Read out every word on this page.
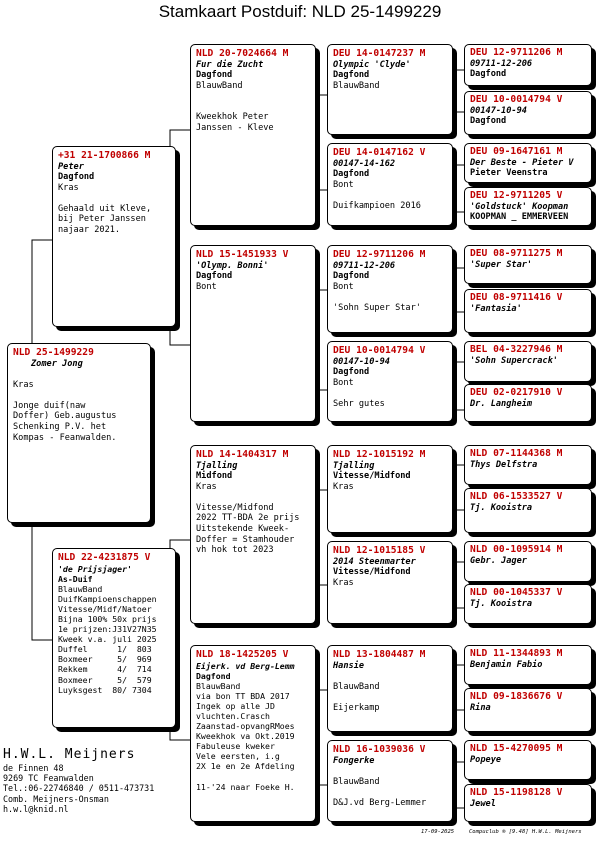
Stamkaart Postduif: NLD 25-1499229
NLD 25-1499229
Zomer Jong

Kras

Jonge duif(naw
Doffer) Geb.augustus
Schenking P.V. het
Kompas - Feanwalden.
+31 21-1700866 M
Peter
Dagfond
Kras

Gehaald uit Kleve,
bij Peter Janssen
najaar 2021.
NLD 22-4231875 V
'de Prijsjager'
As-Duif
BlauwBand
DuifKampioenschappen
Vitesse/Midf/Natoer
Bijna 100% 50x prijs
1e prijzen:J31V27N35
Kweek v.a. juli 2025
Duffel      1/  803
Boxmeer     5/  969
Rekkem      4/  714
Boxmeer     5/  579
Luyksgest  80/ 7304
NLD 20-7024664 M
Fur die Zucht
Dagfond
BlauwBand

Kweekhok Peter
Janssen - Kleve
NLD 15-1451933 V
'Olymp. Bonni'
Dagfond
Bont
NLD 14-1404317 M
Tjalling
Midfond
Kras

Vitesse/Midfond
2022 TT-BDA 2e prijs
Uitstekende Kweek-
Doffer = Stamhouder
vh hok tot 2023
NLD 18-1425205 V
Eijerk. vd Berg-Lemm
Dagfond
BlauwBand
via bon TT BDA 2017
Ingek op alle JD
vluchten.Crasch
Zaanstad-opvangRMoes
Kweekhok va Okt.2019
Fabuleuse kweker
Vele eersten, i.g
2X 1e en 2e Afdeling

11-'24 naar Foeke H.
DEU 14-0147237 M
Olympic 'Clyde'
Dagfond
BlauwBand
DEU 14-0147162 V
00147-14-162
Dagfond
Bont

Duifkampioen 2016
DEU 12-9711206 M
09711-12-206
Dagfond
Bont

'Sohn Super Star'
DEU 10-0014794 V
00147-10-94
Dagfond
Bont

Sehr gutes
NLD 12-1015192 M
Tjalling
Vitesse/Midfond
Kras
NLD 12-1015185 V
2014 Steenmarter
Vitesse/Midfond
Kras
NLD 13-1804487 M
Hansie

BlauwBand

Eijerkamp
NLD 16-1039036 V
Fongerke

BlauwBand

D&J.vd Berg-Lemmer
DEU 12-9711206 M
09711-12-206
Dagfond
DEU 10-0014794 V
00147-10-94
Dagfond
DEU 09-1647161 M
Der Beste - Pieter V
Pieter Veenstra
DEU 12-9711205 V
'Goldstuck' Koopman
KOOPMAN _ EMMERVEEN
DEU 08-9711275 M
'Super Star'
DEU 08-9711416 V
'Fantasia'
BEL 04-3227946 M
'Sohn Supercrack'
DEU 02-0217910 V
Dr. Langheim
NLD 07-1144368 M
Thys Delfstra
NLD 06-1533527 V
Tj. Kooistra
NLD 00-1095914 M
Gebr. Jager
NLD 00-1045337 V
Tj. Kooistra
NLD 11-1344893 M
Benjamin Fabio
NLD 09-1836676 V
Rina
NLD 15-4270095 M
Popeye
NLD 15-1198128 V
Jewel
H.W.L. Meijners
de Finnen 48
9269 TC Feanwalden
Tel.:06-22746840 / 0511-473731
Comb. Meijners-Onsman
h.w.l@knid.nl
17-09-2025	Compuclub ® [9.48] H.W.L. Meijners
